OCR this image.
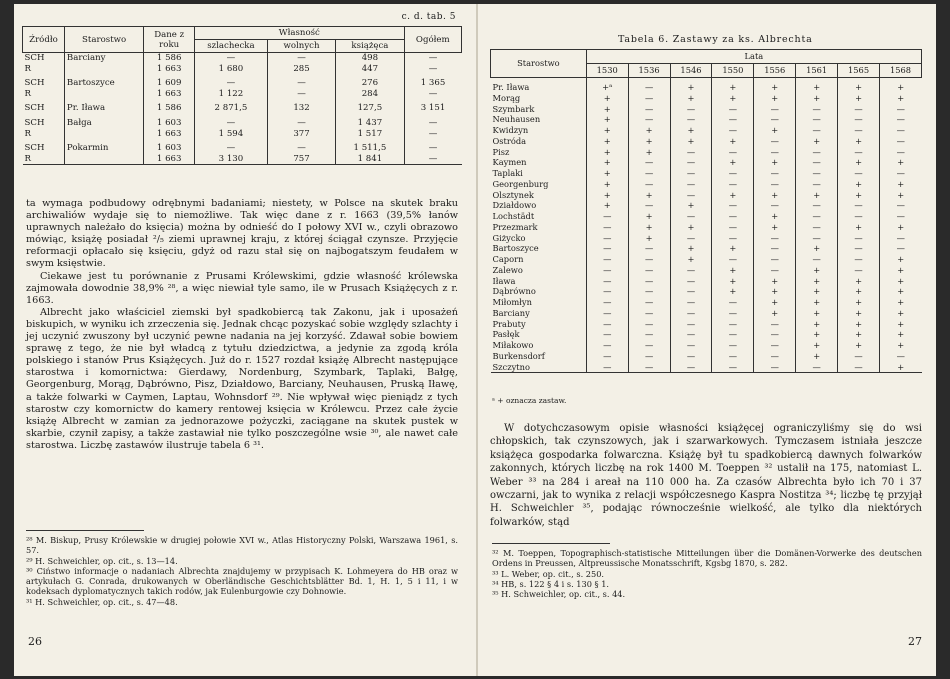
c. d. tab. 5
Źródło	Starostwo	Dane z roku	Własność			Ogółem
			szlachecka	wolnych	książęca	
SCH	Barciany	1 586	—	—	498	—
R		1 663	1 680	285	447	—
SCH	Bartoszyce	1 609	—	—	276	1 365
R		1 663	1 122	—	284	—
SCH	Pr. Iława	1 586	2 871,5	132	127,5	3 151
SCH	Bałga	1 603	—	—	1 437	—
R		1 663	1 594	377	1 517	—
SCH	Pokarmin	1 603	—	—	1 511,5	—
R		1 663	3 130	757	1 841	—

ta wymaga podbudowy odrębnymi badaniami; niestety, w Polsce na skutek braku archiwaliów wydaje się to niemożliwe. Tak więc dane z r. 1663 (39,5% łanów uprawnych należało do księcia) można by odnieść do I połowy XVI w., czyli obrazowo mówiąc, książę posiadał ²/₅ ziemi uprawnej kraju, z której ściągał czynsze. Przyjęcie reformacji opłacało się księciu, gdyż od razu stał się on najbogatszym feudałem w swym księstwie.

Ciekawe jest tu porównanie z Prusami Królewskimi, gdzie własność królewska zajmowała dowodnie 38,9% ²⁸, a więc niewiał tyle samo, ile w Prusach Książęcych z r. 1663.

Albrecht jako właściciel ziemski był spadkobiercą tak Zakonu, jak i uposażeń biskupich, w wyniku ich zrzeczenia się. Jednak chcąc pozyskać sobie względy szlachty i jej uczynić zwuszony był uczynić pewne nadania na jej korzyść. Zdawał sobie bowiem sprawę z tego, że nie był władcą z tytułu dziedzictwa, a jedynie za zgodą króla polskiego i stanów Prus Książęcych. Już do r. 1527 rozdał książę Albrecht następujące starostwa i komornictwa: Gierdawy, Nordenburg, Szymbark, Taplaki, Bałgę, Georgenburg, Morąg, Dąbrówno, Pisz, Działdowo, Barciany, Neuhausen, Pruską Iławę, a także folwarki w Caymen, Laptau, Wohnsdorf ²⁹. Nie wpływał więc pieniądz z tych starostw czy komornictw do kamery rentowej księcia w Królewcu. Przez całe życie książę Albrecht w zamian za jednorazowe pożyczki, zaciągane na skutek pustek w skarbie, czynił zapisy, a także zastawiał nie tylko poszczególne wsie ³⁰, ale nawet całe starostwa. Liczbę zastawów ilustruje tabela 6 ³¹.

²⁸ M. Biskup, Prusy Królewskie w drugiej połowie XVI w., Atlas Historyczny Polski, Warszawa 1961, s. 57.

²⁹ H. Schweichler, op. cit., s. 13—14.

³⁰ Ciństwo informacje o nadaniach Albrechta znajdujemy w przypisach K. Lohmeyera do HB oraz w artykułach G. Conrada, drukowanych w Oberländische Geschichtsblätter Bd. 1, H. 1, 5 i 11, i w kodeksach dyplomatycznych takich rodów, jak Eulenburgowie czy Dohnowie.

³¹ H. Schweichler, op. cit., s. 47—48.

26
Tabela 6. Zastawy za ks. Albrechta
Starostwo	Lata							
	1530	1536	1546	1550	1556	1561	1565	1568
Pr. Iława	+ᵃ	—	+	+	+	+	+	+
Morąg	+	—	+	+	+	+	+	+
Szymbark	+	—	—	—	—	—	—	—
Neuhausen	+	—	—	—	—	—	—	—
Kwidzyn	+	+	+	—	+	—	—	—
Ostróda	+	+	+	+	—	+	+	—
Pisz	+	+	—	—	—	—	—	—
Kaymen	+	—	—	+	+	—	+	+
Taplaki	+	—	—	—	—	—	—	—
Georgenburg	+	—	—	—	—	—	+	+
Olsztynek	+	+	—	+	+	+	+	+
Działdowo	+	—	+	—	—	—	—	—
Lochstädt	—	+	—	—	+	—	—	—
Przezmark	—	+	+	—	+	—	+	+
Giżycko	—	+	—	—	—	—	—	—
Bartoszyce	—	—	+	+	—	+	—	—
Caporn	—	—	+	—	—	—	—	+
Zalewo	—	—	—	+	—	+	—	+
Iława	—	—	—	+	+	+	+	+
Dąbrówno	—	—	—	+	+	+	+	+
Miłomłyn	—	—	—	—	+	+	+	+
Barciany	—	—	—	—	+	+	+	+
Prabuty	—	—	—	—	—	+	+	+
Pasłęk	—	—	—	—	—	+	+	+
Miłakowo	—	—	—	—	—	+	+	+
Burkensdorf	—	—	—	—	—	+	—	—
Szczytno	—	—	—	—	—	—	—	+
ᵃ + oznacza zastaw.

W dotychczasowym opisie własności książęcej ograniczyliśmy się do wsi chłopskich, tak czynszowych, jak i szarwarkowych. Tymczasem istniała jeszcze książęca gospodarka folwarczna. Książę był tu spadkobiercą dawnych folwarków zakonnych, których liczbę na rok 1400 M. Toeppen ³² ustalił na 175, natomiast L. Weber ³³ na 284 i areał na 110 000 ha. Za czasów Albrechta było ich 70 i 37 owczarni, jak to wynika z relacji współczesnego Kaspra Nostitza ³⁴; liczbę tę przyjął H. Schweichler ³⁵, podając równocześnie wielkość, ale tylko dla niektórych folwarków, stąd

³² M. Toeppen, Topographisch-statistische Mitteilungen über die Domänen-Vorwerke des deutschen Ordens in Preussen, Altpreussische Monatsschrift, Kgsbg 1870, s. 282.

³³ L. Weber, op. cit., s. 250.

³⁴ HB, s. 122 § 4 i s. 130 § 1.

³⁵ H. Schweichler, op. cit., s. 44.

27
